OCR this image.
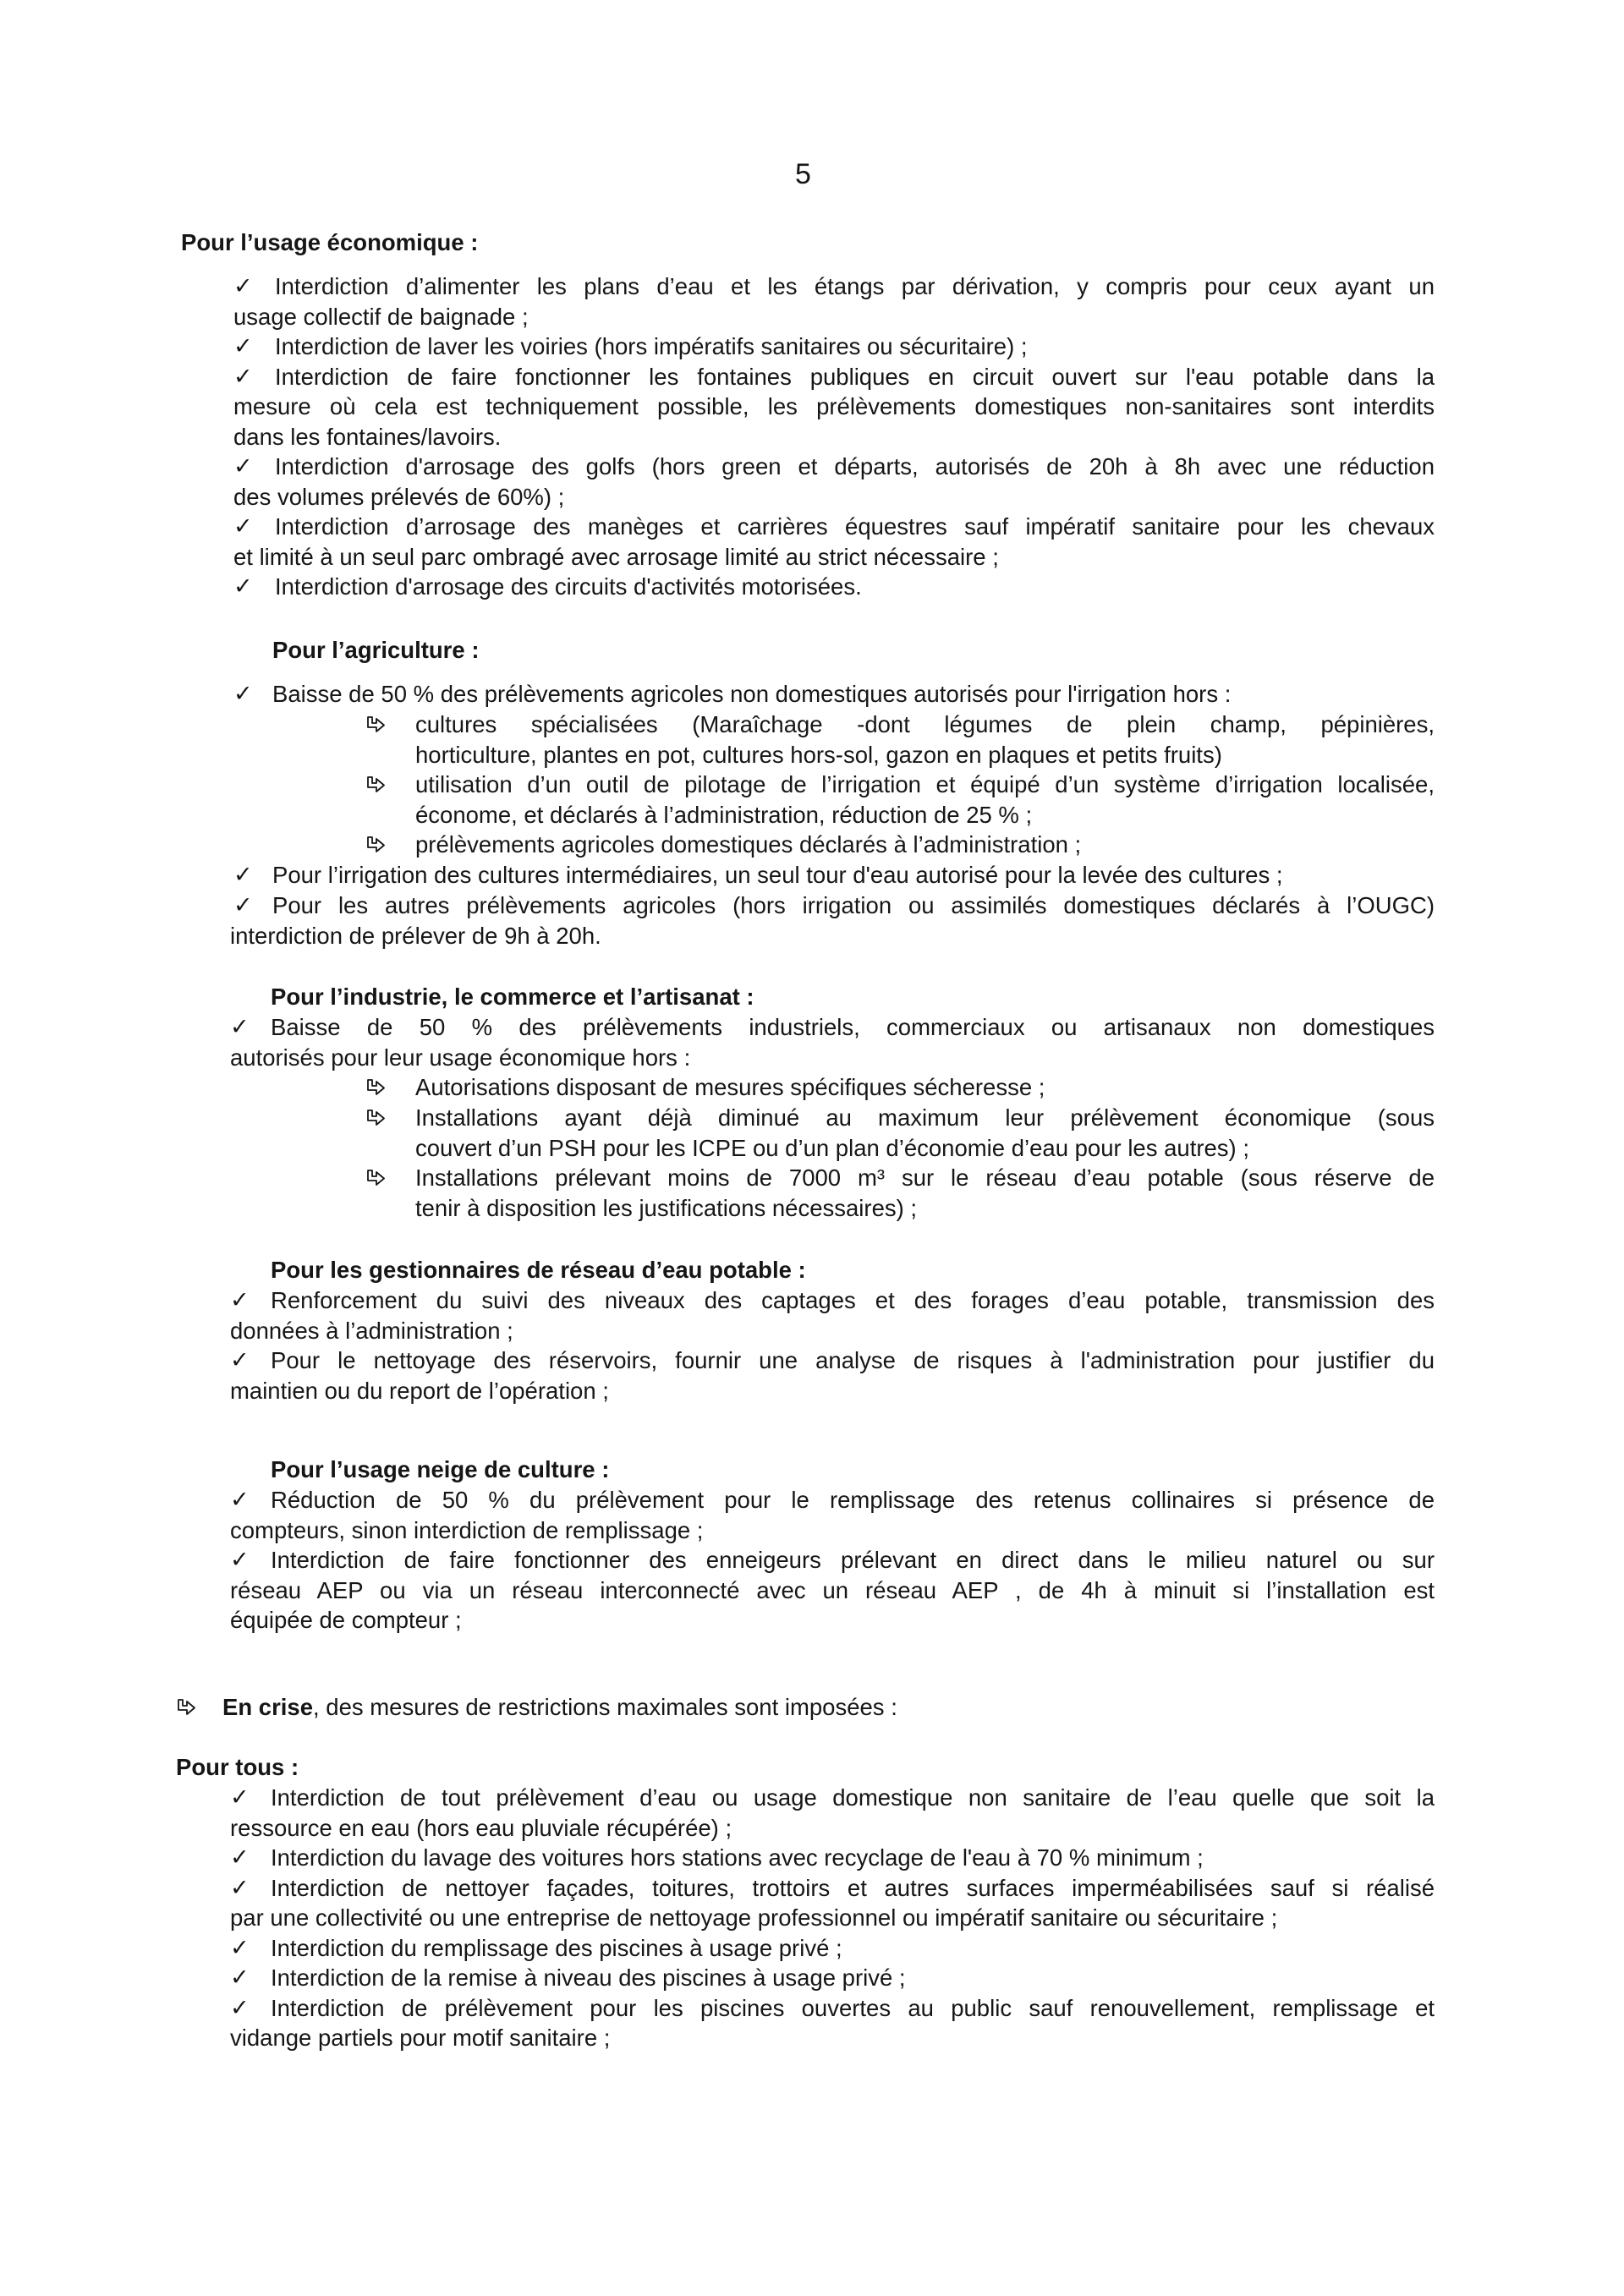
5
Pour l’usage économique :
✓ Interdiction d’alimenter les plans d’eau et les étangs par dérivation, y compris pour ceux ayant un
usage collectif de baignade ;
✓ Interdiction de laver les voiries (hors impératifs sanitaires ou sécuritaire) ;
✓ Interdiction de faire fonctionner les fontaines publiques en circuit ouvert sur l'eau potable dans la
mesure où cela est techniquement possible, les prélèvements domestiques non-sanitaires sont interdits
dans les fontaines/lavoirs.
✓ Interdiction d'arrosage des golfs (hors green et départs, autorisés de 20h à 8h avec une réduction
des volumes prélevés de 60%) ;
✓ Interdiction d’arrosage des manèges et carrières équestres sauf impératif sanitaire pour les chevaux
et limité à un seul parc ombragé avec arrosage limité au strict nécessaire ;
✓ Interdiction d'arrosage des circuits d'activités motorisées.
Pour l’agriculture :
✓ Baisse de 50 % des prélèvements agricoles non domestiques autorisés pour l'irrigation hors :
cultures spécialisées (Maraîchage -dont légumes de plein champ, pépinières,
horticulture, plantes en pot, cultures hors-sol, gazon en plaques et petits fruits)
utilisation d’un outil de pilotage de l’irrigation et équipé d’un système d’irrigation localisée,
économe, et déclarés à l’administration, réduction de 25 % ;
prélèvements agricoles domestiques déclarés à l’administration ;
✓ Pour l’irrigation des cultures intermédiaires, un seul tour d'eau autorisé pour la levée des cultures ;
✓ Pour les autres prélèvements agricoles (hors irrigation ou assimilés domestiques déclarés à l’OUGC)
interdiction de prélever de 9h à 20h.
Pour l’industrie, le commerce et l’artisanat :
✓ Baisse de 50 % des prélèvements industriels, commerciaux ou artisanaux non domestiques
autorisés pour leur usage économique hors :
Autorisations disposant de mesures spécifiques sécheresse ;
Installations ayant déjà diminué au maximum leur prélèvement économique (sous
couvert d’un PSH pour les ICPE ou d’un plan d’économie d’eau pour les autres) ;
Installations prélevant moins de 7000 m³ sur le réseau d’eau potable (sous réserve de
tenir à disposition les justifications nécessaires) ;
Pour les gestionnaires de réseau d’eau potable :
✓ Renforcement du suivi des niveaux des captages et des forages d’eau potable, transmission des
données à l’administration ;
✓ Pour le nettoyage des réservoirs, fournir une analyse de risques à l'administration pour justifier du
maintien ou du report de l’opération ;
Pour l’usage neige de culture :
✓ Réduction de 50 % du prélèvement pour le remplissage des retenus collinaires si présence de
compteurs, sinon interdiction de remplissage ;
✓ Interdiction de faire fonctionner des enneigeurs prélevant en direct dans le milieu naturel ou sur
réseau AEP ou via un réseau interconnecté avec un réseau AEP , de 4h à minuit si l’installation est
équipée de compteur ;
En crise, des mesures de restrictions maximales sont imposées :
Pour tous :
✓ Interdiction de tout prélèvement d’eau ou usage domestique non sanitaire de l’eau quelle que soit la
ressource en eau (hors eau pluviale récupérée) ;
✓ Interdiction du lavage des voitures hors stations avec recyclage de l'eau à 70 % minimum ;
✓ Interdiction de nettoyer façades, toitures, trottoirs et autres surfaces imperméabilisées sauf si réalisé
par une collectivité ou une entreprise de nettoyage professionnel ou impératif sanitaire ou sécuritaire ;
✓ Interdiction du remplissage des piscines à usage privé ;
✓ Interdiction de la remise à niveau des piscines à usage privé ;
✓ Interdiction de prélèvement pour les piscines ouvertes au public sauf renouvellement, remplissage et
vidange partiels pour motif sanitaire ;
